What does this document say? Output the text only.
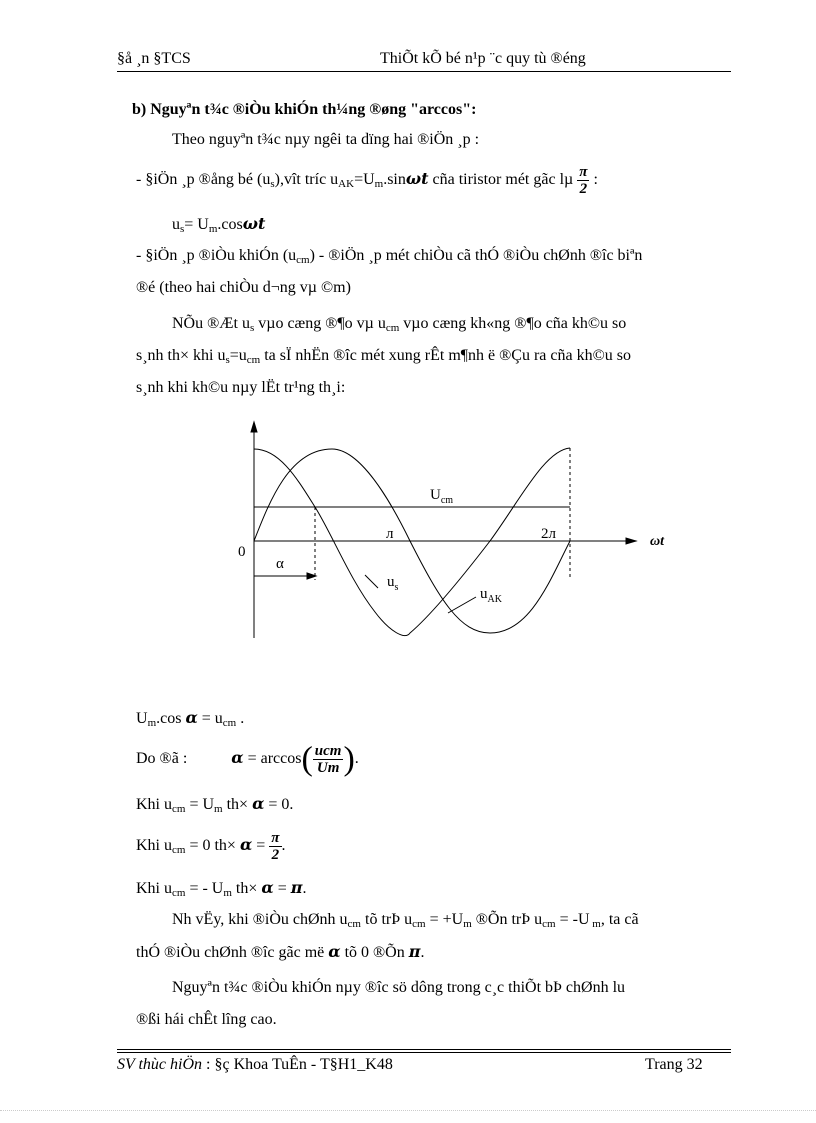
§å ¸n §TCS	ThiÕt kÕ bé n¹p ¨c quy tù ®éng
b) Nguyªn t¾c ®iÒu khiÓn th¼ng ®øng "arccos":
Theo nguyªn t¾c nµy ngêi ta dïng hai ®iÖn ¸p :
- §iÖn ¸p ®ång bé $(u_s),vît$ tríc $u_{AK}=U_m.\sin\omega t$ cña tiristor mét gãc lµ $\frac{\pi}{2}$ :
$u_s= U_m.\cos\omega t$
- §iÖn ¸p ®iÒu khiÓn $(u_{cm})$ - ®iÖn ¸p mét chiÒu cã thÓ ®iÒu chØnh ®îc biªn
®é (theo hai chiÒu d¬ng vµ ©m)
NÕu ®Æt $u_s$ vµo cæng ®¶o vµ $u_{cm}$ vµo cæng kh«ng ®¶o cña kh©u so
s¸nh th× khi $u_s=u_{cm}$ ta sÏ nhËn ®îc mét xung rÊt m¶nh ë ®Çu ra cña kh©u so
s¸nh khi kh©u nµy lËt tr¹ng th¸i:
$U_{cm}$
л	2л	ωt
0
α
$u_s$	$u_{AK}$
$U_m.\cos$ $\alpha = u_{cm}$ .
Do ®ã :	$\alpha = \arccos( \frac{\text{ucm}}{Um}$ ).
Khi $u_{cm} = U_m$ th× α = 0.
Khi $u_{cm} = 0$ $th\times \alpha = \frac{\pi}{2}$ .
Khi $u_{cm}$ = - $U_m$ th× α = π.
Nh vËy, khi ®iÒu chØnh $u_{cm}$ tõ trÞ $u_{cm} = +U_m$ ®Õn trÞ $u_{cm} = -U$ $_m$, ta cã
thÓ ®iÒu chØnh ®îc gãc më α tõ 0 ®Õn π.
Nguyªn t¾c ®iÒu khiÓn nµy ®îc sö dông trong c¸c thiÕt bÞ chØnh lu
®ßi hái chÊt lîng cao.
SV thùc hiÖn : §ç Khoa TuÊn - T§H1_K48	Trang 32
